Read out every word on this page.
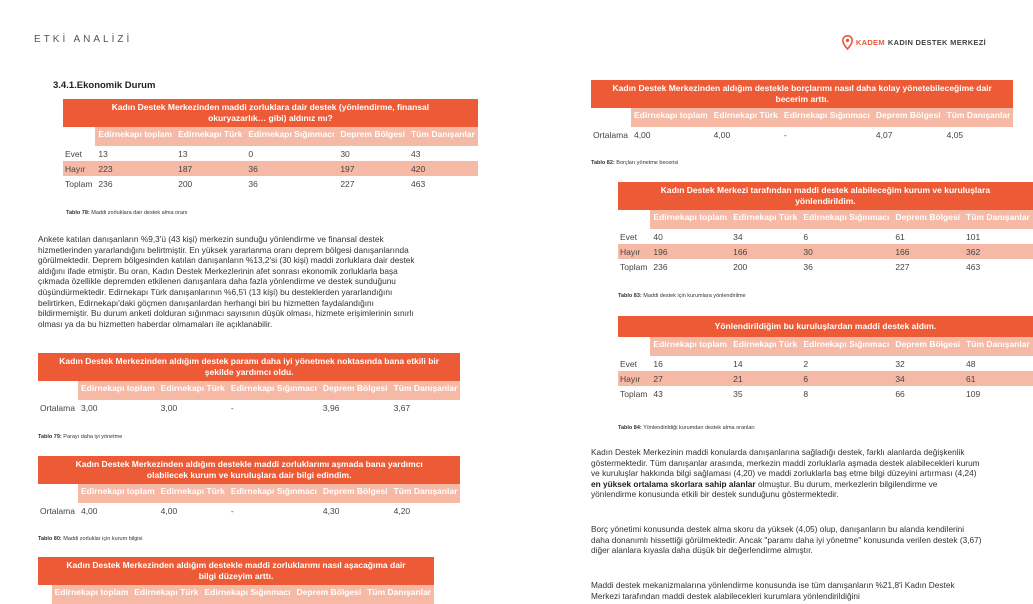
ETKİ ANALİZİ	KADEM KADIN DESTEK MERKEZİ
3.4.1.Ekonomik Durum
Kadın Destek Merkezinden maddi zorluklara dair destek (yönlendirme, finansal okuryazarlık… gibi) aldınız mı?					
	Edirnekapı toplam	Edirnekapı Türk	Edirnekapı Sığınmacı	Deprem Bölgesi	Tüm Danışanlar
Evet	13	13	0	30	43
Hayır	223	187	36	197	420
Toplam	236	200	36	227	463
Tablo 78: Maddi zorluklara dair destek alma oranı

Ankete katılan danışanların %9,3'ü (43 kişi) merkezin sunduğu yönlendirme ve finansal destek hizmetlerinden yararlandığını belirtmiştir. En yüksek yararlanma oranı deprem bölgesi danışanlarında görülmektedir. Deprem bölgesinden katılan danışanların %13,2'si (30 kişi) maddi zorluklara dair destek aldığını ifade etmiştir. Bu oran, Kadın Destek Merkezlerinin afet sonrası ekonomik zorluklarla başa çıkmada özellikle depremden etkilenen danışanlara daha fazla yönlendirme ve destek sunduğunu düşündürmektedir. Edirnekapı Türk danışanlarının %6,5'i (13 kişi) bu desteklerden yararlandığını belirtirken, Edirnekapı'daki göçmen danışanlardan herhangi biri bu hizmetten faydalandığını bildirmemiştir. Bu durum anketi dolduran sığınmacı sayısının düşük olması, hizmete erişimlerinin sınırlı olması ya da bu hizmetten haberdar olmamaları ile açıklanabilir.

Kadın Destek Merkezinden aldığım destek paramı daha iyi yönetmek noktasında bana etkili bir şekilde yardımcı oldu.					
	Edirnekapı toplam	Edirnekapı Türk	Edirnekapı Sığınmacı	Deprem Bölgesi	Tüm Danışanlar
Ortalama	3,00	3,00	-	3,96	3,67
Tablo 79: Parayı daha iyi yönetme
Kadın Destek Merkezinden aldığım destekle maddi zorluklarımı aşmada bana yardımcı olabilecek kurum ve kuruluşlara dair bilgi edindim.					
	Edirnekapı toplam	Edirnekapı Türk	Edirnekapı Sığınmacı	Deprem Bölgesi	Tüm Danışanlar
Ortalama	4,00	4,00	-	4,30	4,20
Tablo 80: Maddi zorluklar için kurum bilgisi
Kadın Destek Merkezinden aldığım destekle maddi zorluklarımı nasıl aşacağıma dair bilgi düzeyim arttı.
	Edirnekapı toplam	Edirnekapı Türk	Edirnekapı Sığınmacı	Deprem Bölgesi	Tüm Danışanlar
Kadın Destek Merkezinden aldığım destekle borçlarımı nasıl daha kolay yönetebileceğime dair becerim arttı.					
	Edirnekapı toplam	Edirnekapı Türk	Edirnekapı Sığınmacı	Deprem Bölgesi	Tüm Danışanlar
Ortalama	4,00	4,00	-	4,07	4,05
Tablo 82: Borçları yönetme becerisi
Kadın Destek Merkezi tarafından maddi destek alabileceğim kurum ve kuruluşlara yönlendirildim.					
	Edirnekapı toplam	Edirnekapı Türk	Edirnekapı Sığınmacı	Deprem Bölgesi	Tüm Danışanlar
Evet	40	34	6	61	101
Hayır	196	166	30	166	362
Toplam	236	200	36	227	463
Tablo 83: Maddi destek için kurumlara yönlendirilme
Yönlendirildiğim bu kuruluşlardan maddi destek aldım.					
	Edirnekapı toplam	Edirnekapı Türk	Edirnekapı Sığınmacı	Deprem Bölgesi	Tüm Danışanlar
Evet	16	14	2	32	48
Hayır	27	21	6	34	61
Toplam	43	35	8	66	109
Tablo 84: Yönlendirildiği kurumdan destek alma oranları

Kadın Destek Merkezinin maddi konularda danışanlarına sağladığı destek, farklı alanlarda değişkenlik göstermektedir. Tüm danışanlar arasında, merkezin maddi zorluklarla aşmada destek alabilecekleri kurum ve kuruluşlar hakkında bilgi sağlaması (4,20) ve maddi zorluklarla baş etme bilgi düzeyini artırması (4,24) en yüksek ortalama skorlara sahip alanlar olmuştur. Bu durum, merkezlerin bilgilendirme ve yönlendirme konusunda etkili bir destek sunduğunu göstermektedir.

Borç yönetimi konusunda destek alma skoru da yüksek (4,05) olup, danışanların bu alanda kendilerini daha donanımlı hissettiği görülmektedir. Ancak "paramı daha iyi yönetme" konusunda verilen destek (3,67) diğer alanlara kıyasla daha düşük bir değerlendirme almıştır.

Maddi destek mekanizmalarına yönlendirme konusunda ise tüm danışanların %21,8'i Kadın Destek Merkezi tarafından maddi destek alabilecekleri kurumlara yönlendirildiğini
